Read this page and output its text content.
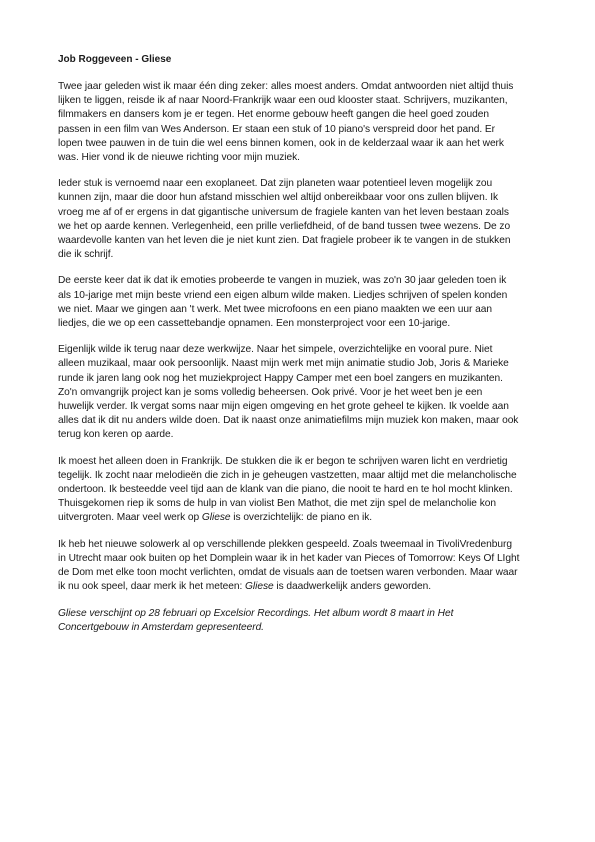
Job Roggeveen - Gliese
Twee jaar geleden wist ik maar één ding zeker: alles moest anders. Omdat antwoorden niet altijd thuis
lijken te liggen, reisde ik af naar Noord-Frankrijk waar een oud klooster staat. Schrijvers, muzikanten,
filmmakers en dansers kom je er tegen. Het enorme gebouw heeft gangen die heel goed zouden
passen in een film van Wes Anderson. Er staan een stuk of 10 piano's verspreid door het pand. Er
lopen twee pauwen in de tuin die wel eens binnen komen, ook in de kelderzaal waar ik aan het werk
was. Hier vond ik de nieuwe richting voor mijn muziek.
Ieder stuk is vernoemd naar een exoplaneet. Dat zijn planeten waar potentieel leven mogelijk zou
kunnen zijn, maar die door hun afstand misschien wel altijd onbereikbaar voor ons zullen blijven. Ik
vroeg me af of er ergens in dat gigantische universum de fragiele kanten van het leven bestaan zoals
we het op aarde kennen. Verlegenheid, een prille verliefdheid, of de band tussen twee wezens. De zo
waardevolle kanten van het leven die je niet kunt zien. Dat fragiele probeer ik te vangen in de stukken
die ik schrijf.
De eerste keer dat ik dat ik emoties probeerde te vangen in muziek, was zo'n 30 jaar geleden toen ik
als 10-jarige met mijn beste vriend een eigen album wilde maken. Liedjes schrijven of spelen konden
we niet. Maar we gingen aan 't werk. Met twee microfoons en een piano maakten we een uur aan
liedjes, die we op een cassettebandje opnamen. Een monsterproject voor een 10-jarige.
Eigenlijk wilde ik terug naar deze werkwijze. Naar het simpele, overzichtelijke en vooral pure. Niet
alleen muzikaal, maar ook persoonlijk. Naast mijn werk met mijn animatie studio Job, Joris & Marieke
runde ik jaren lang ook nog het muziekproject Happy Camper met een boel zangers en muzikanten.
Zo'n omvangrijk project kan je soms volledig beheersen. Ook privé. Voor je het weet ben je een
huwelijk verder. Ik vergat soms naar mijn eigen omgeving en het grote geheel te kijken. Ik voelde aan
alles dat ik dit nu anders wilde doen. Dat ik naast onze animatiefilms mijn muziek kon maken, maar ook
terug kon keren op aarde.
Ik moest het alleen doen in Frankrijk. De stukken die ik er begon te schrijven waren licht en verdrietig
tegelijk. Ik zocht naar melodieën die zich in je geheugen vastzetten, maar altijd met die melancholische
ondertoon. Ik besteedde veel tijd aan de klank van die piano, die nooit te hard en te hol mocht klinken.
Thuisgekomen riep ik soms de hulp in van violist Ben Mathot, die met zijn spel de melancholie kon
uitvergroten. Maar veel werk op Gliese is overzichtelijk: de piano en ik.
Ik heb het nieuwe solowerk al op verschillende plekken gespeeld. Zoals tweemaal in TivoliVredenburg
in Utrecht maar ook buiten op het Domplein waar ik in het kader van Pieces of Tomorrow: Keys Of LIght
de Dom met elke toon mocht verlichten, omdat de visuals aan de toetsen waren verbonden. Maar waar
ik nu ook speel, daar merk ik het meteen: Gliese is daadwerkelijk anders geworden.
Gliese verschijnt op 28 februari op Excelsior Recordings. Het album wordt 8 maart in Het
Concertgebouw in Amsterdam gepresenteerd.
